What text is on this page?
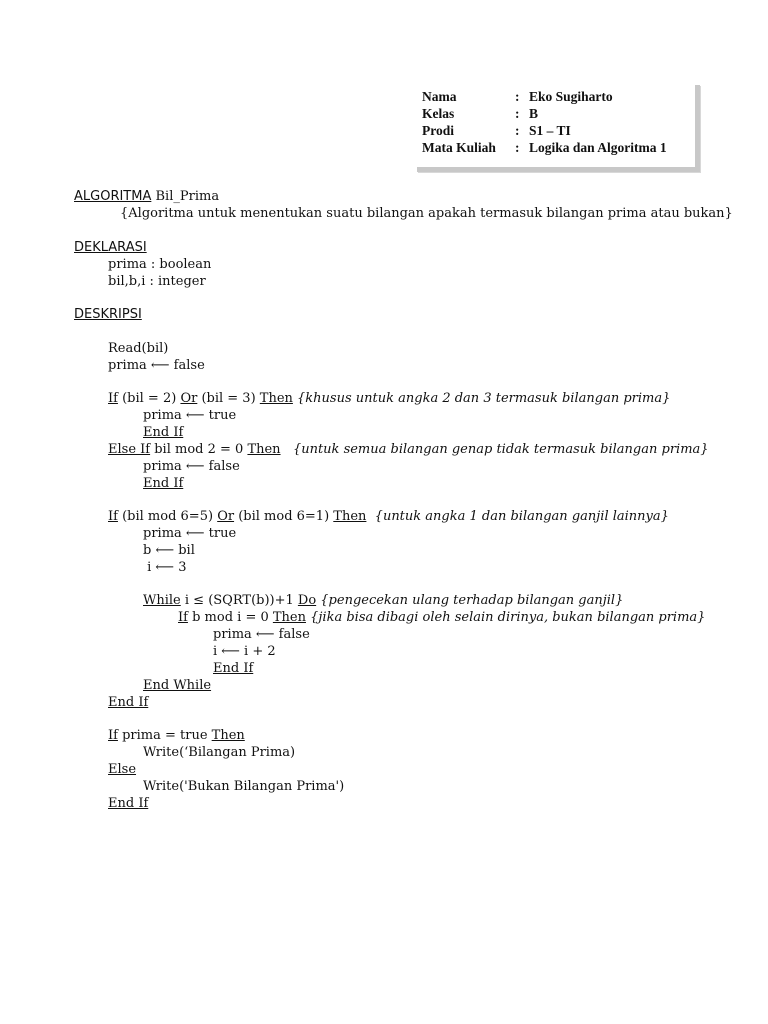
Nama	: Eko Sugiharto
Kelas	: B
Prodi	: S1 – TI
Mata Kuliah	: Logika dan Algoritma 1
ALGORITMA Bil_Prima
{Algoritma untuk menentukan suatu bilangan apakah termasuk bilangan prima atau bukan}
DEKLARASI
prima : boolean
bil,b,i : integer
DESKRIPSI
Read(bil)
prima ⟵ false
If (bil = 2) Or (bil = 3) Then {khusus untuk angka 2 dan 3 termasuk bilangan prima}
prima ⟵ true
End If
Else If bil mod 2 = 0 Then   {untuk semua bilangan genap tidak termasuk bilangan prima}
prima ⟵ false
End If
If (bil mod 6=5) Or (bil mod 6=1) Then  {untuk angka 1 dan bilangan ganjil lainnya}
prima ⟵ true
b ⟵ bil
i ⟵ 3
While i ≤ (SQRT(b))+1 Do {pengecekan ulang terhadap bilangan ganjil}
If b mod i = 0 Then {jika bisa dibagi oleh selain dirinya, bukan bilangan prima}
prima ⟵ false
i ⟵ i + 2
End If
End While
End If
If prima = true Then
Write(‘Bilangan Prima)
Else
Write('Bukan Bilangan Prima')
End If
